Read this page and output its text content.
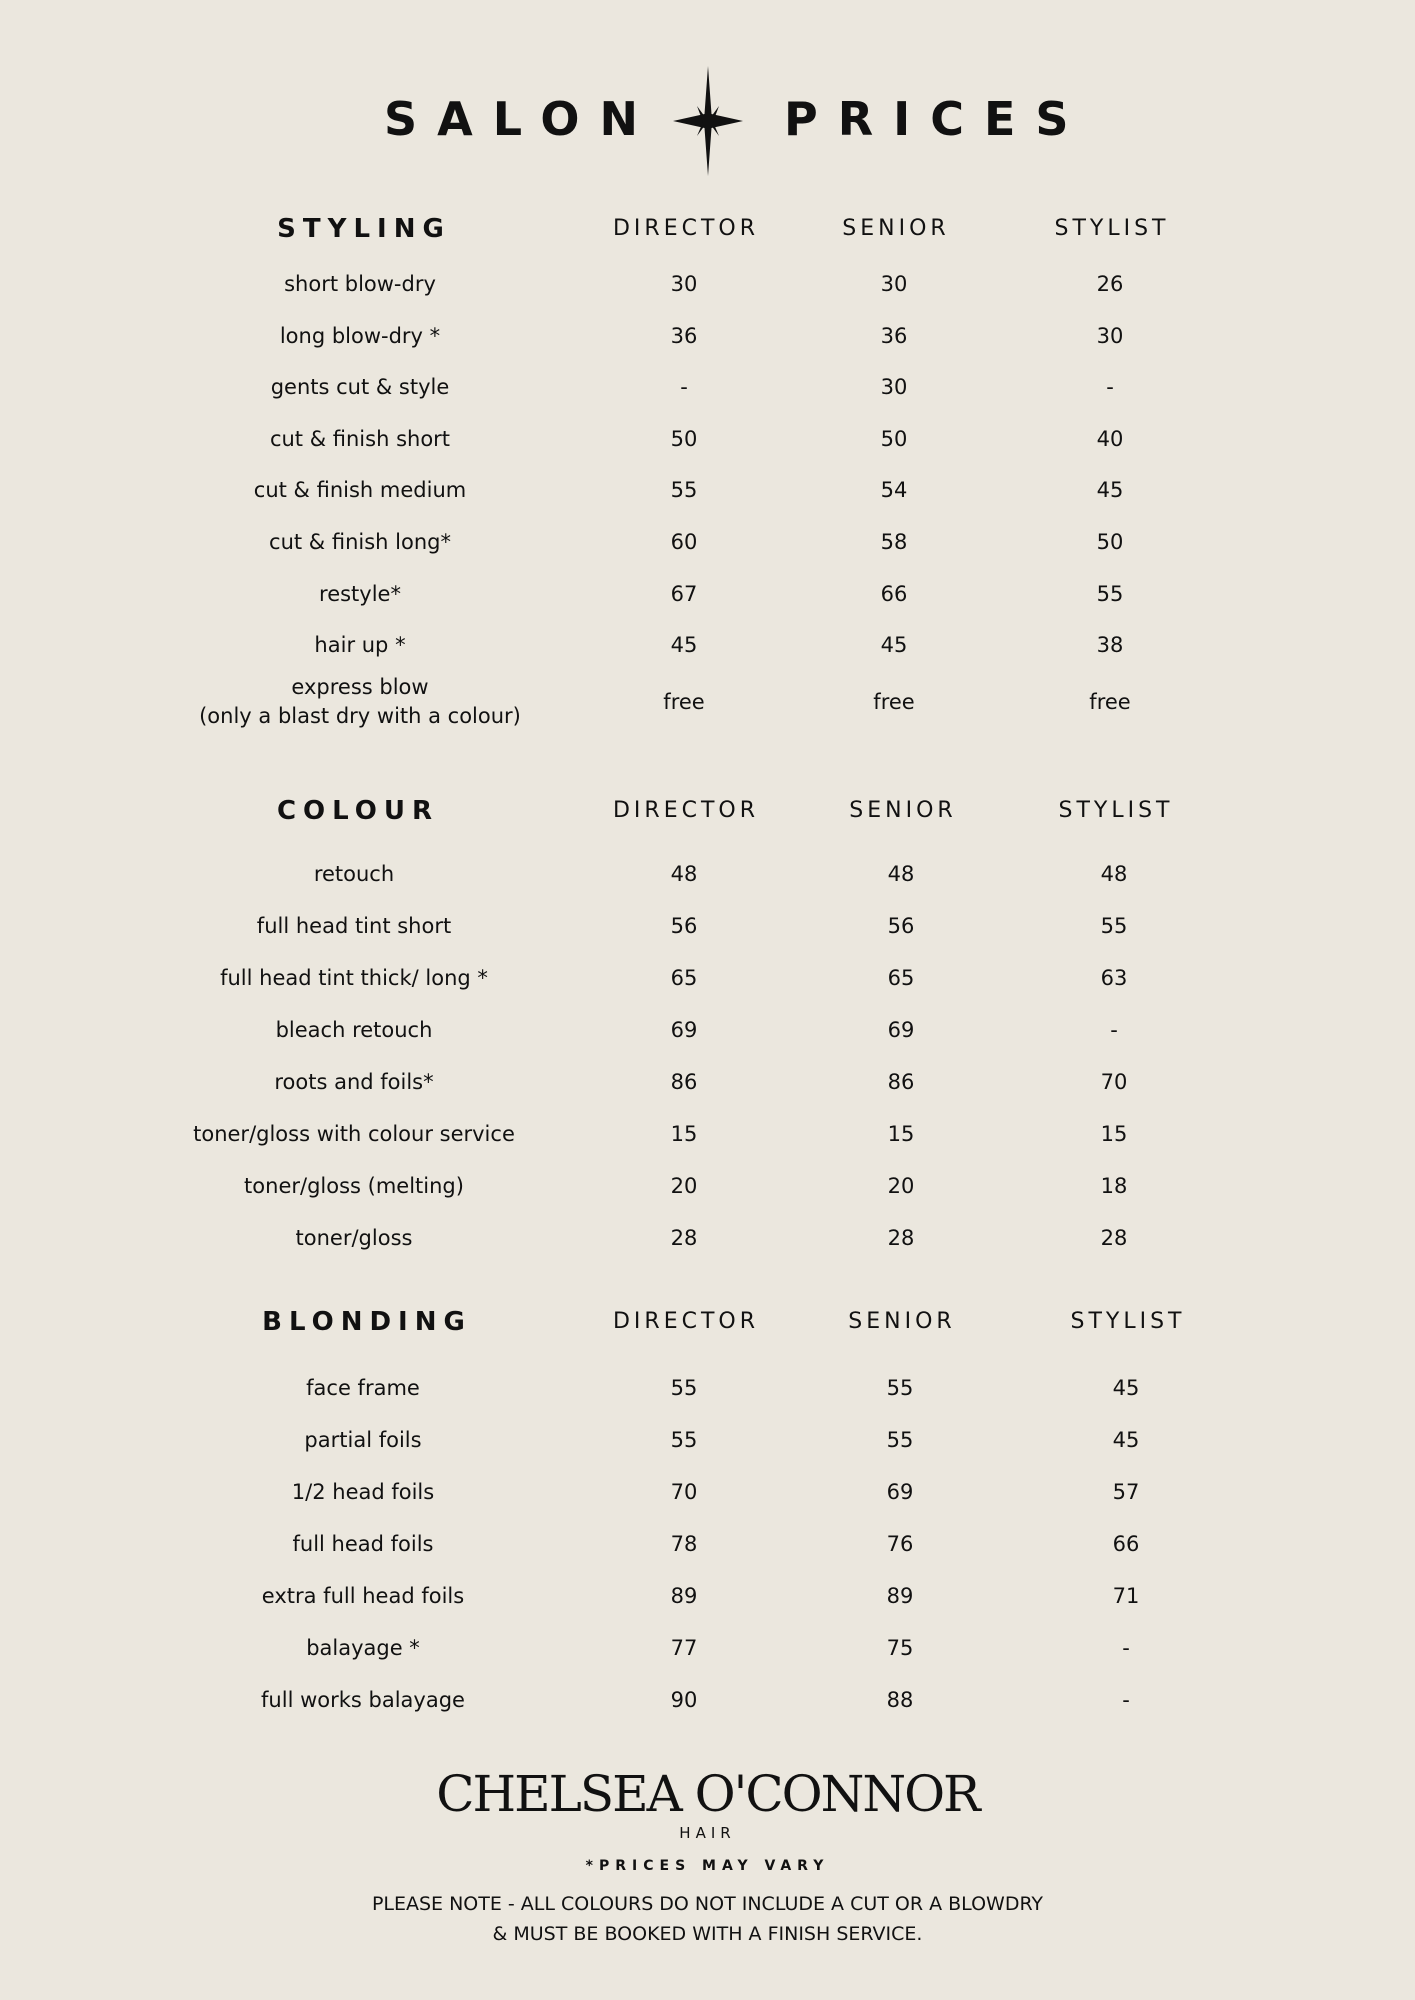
SALON	PRICES
STYLING	DIRECTOR	SENIOR	STYLIST
short blow-dry	30	30	26
long blow-dry *	36	36	30
gents cut & style	-	30	-
cut & finish short	50	50	40
cut & finish medium	55	54	45
cut & finish long*	60	58	50
restyle*	67	66	55
hair up *	45	45	38
express blow
(only a blast dry with a colour)
free	free	free
COLOUR	DIRECTOR	SENIOR	STYLIST
retouch	48	48	48
full head tint short	56	56	55
full head tint thick/ long *	65	65	63
bleach retouch	69	69	-
roots and foils*	86	86	70
toner/gloss with colour service	15	15	15
toner/gloss (melting)	20	20	18
toner/gloss	28	28	28
BLONDING	DIRECTOR	SENIOR	STYLIST
face frame	55	55	45
partial foils	55	55	45
1/2 head foils	70	69	57
full head foils	78	76	66
extra full head foils	89	89	71
balayage *	77	75	-
full works balayage	90	88	-
CHELSEA O'CONNOR
HAIR
*PRICES MAY VARY
PLEASE NOTE - ALL COLOURS DO NOT INCLUDE A CUT OR A BLOWDRY
& MUST BE BOOKED WITH A FINISH SERVICE.
